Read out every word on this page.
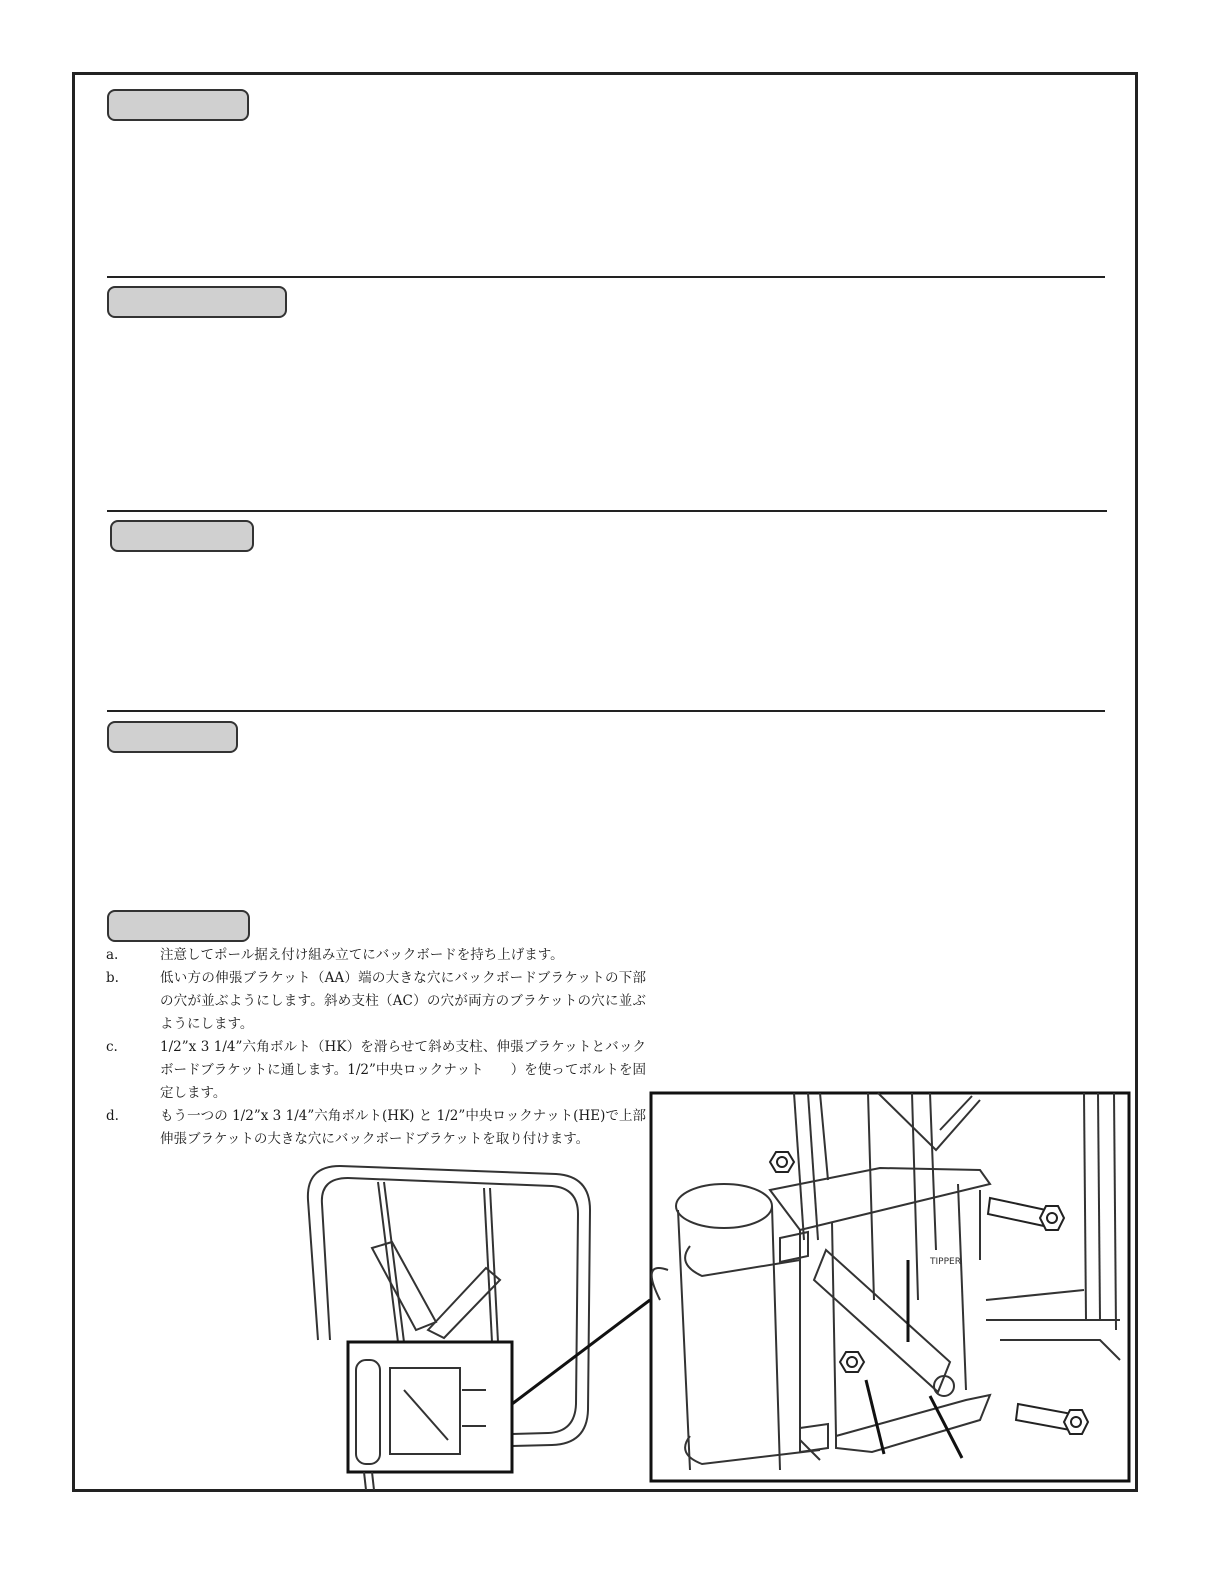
a.	注意してポール据え付け組み立てにバックボードを持ち上げます。
b.	低い方の伸張ブラケット（AA）端の大きな穴にバックボードブラケットの下部の穴が並ぶようにします。斜め支柱（AC）の穴が両方のブラケットの穴に並ぶようにします。
c.	1/2”x 3 1/4”六角ボルト（HK）を滑らせて斜め支柱、伸張ブラケットとバックボードブラケットに通します。1/2”中央ロックナット　　）を使ってボルトを固定します。
d.	もう一つの 1/2”x 3 1/4”六角ボルト(HK) と 1/2”中央ロックナット(HE)で上部伸張ブラケットの大きな穴にバックボードブラケットを取り付けます。
TIPPER
